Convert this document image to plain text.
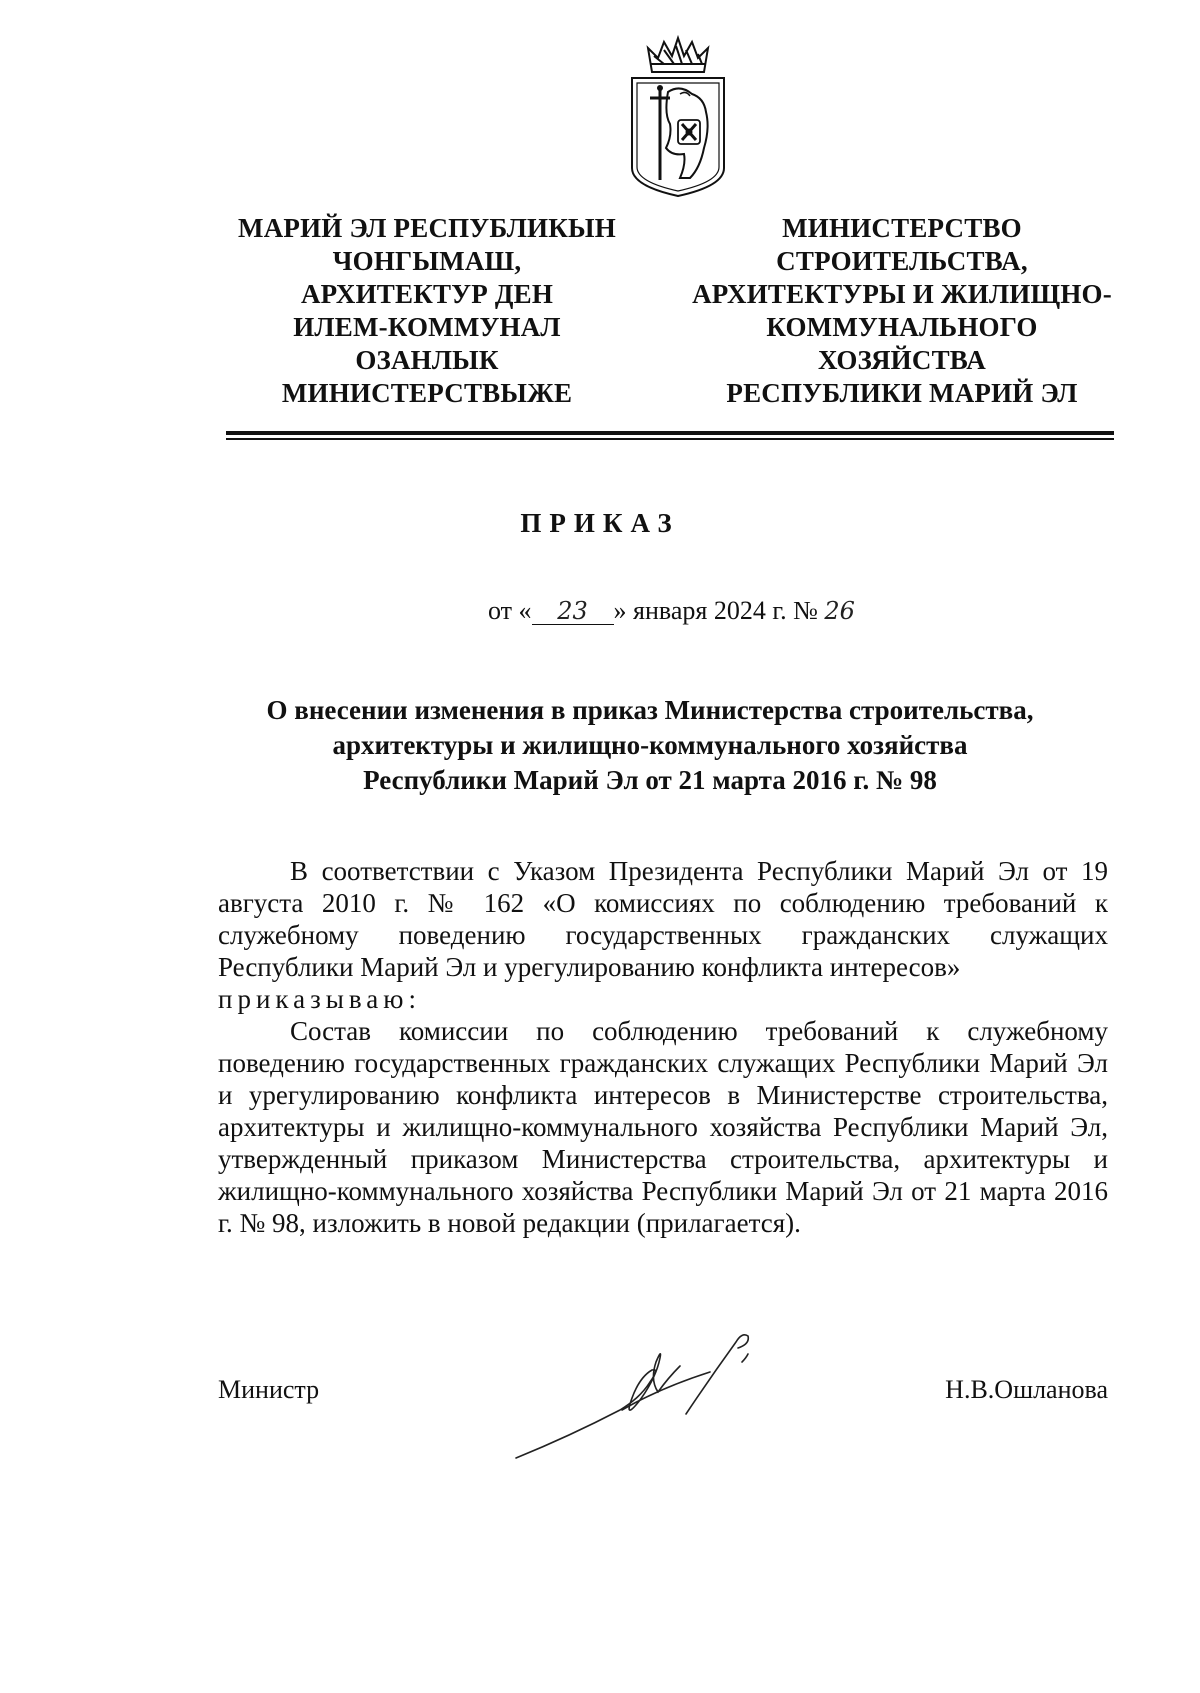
МАРИЙ ЭЛ РЕСПУБЛИКЫН
ЧОНГЫМАШ,
АРХИТЕКТУР ДЕН
ИЛЕМ-КОММУНАЛ
ОЗАНЛЫК
МИНИСТЕРСТВЫЖЕ
МИНИСТЕРСТВО
СТРОИТЕЛЬСТВА,
АРХИТЕКТУРЫ И ЖИЛИЩНО-
КОММУНАЛЬНОГО
ХОЗЯЙСТВА
РЕСПУБЛИКИ МАРИЙ ЭЛ
ПРИКАЗ
от « 23 » января 2024 г. № 26
О внесении изменения в приказ Министерства строительства,
архитектуры и жилищно-коммунального хозяйства
Республики Марий Эл от 21 марта 2016 г. № 98

В соответствии с Указом Президента Республики Марий Эл от 19 августа 2010 г. № 162 «О комиссиях по соблюдению требований к служебному поведению государственных гражданских служащих Республики Марий Эл и урегулированию конфликта интересов»

приказываю:

Состав комиссии по соблюдению требований к служебному поведению государственных гражданских служащих Республики Марий Эл и урегулированию конфликта интересов в Министерстве строительства, архитектуры и жилищно-коммунального хозяйства Республики Марий Эл, утвержденный приказом Министерства строительства, архитектуры и жилищно-коммунального хозяйства Республики Марий Эл от 21 марта 2016 г. № 98, изложить в новой редакции (прилагается).

Министр	Н.В.Ошланова
